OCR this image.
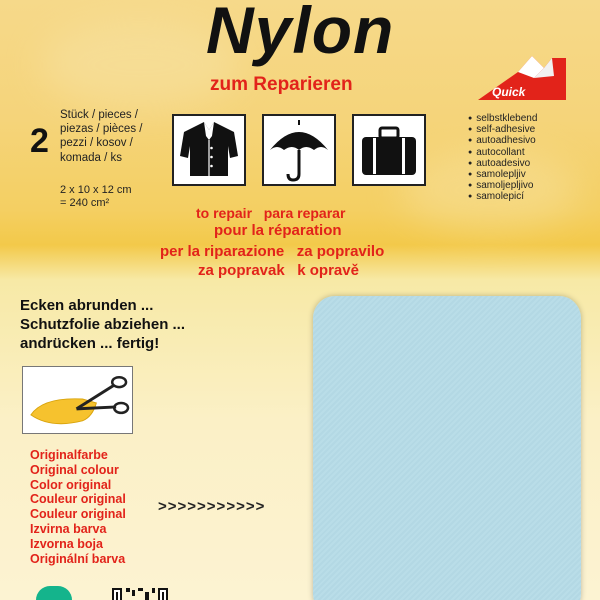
Nylon
zum Reparieren	Quick
2
Stück / pieces /
piezas / pièces /
pezzi / kosov /
komada / ks
2 x 10 x 12 cm
= 240 cm²
● selbstklebend
● self-adhesive
● autoadhesivo
● autocollant
● autoadesivo
● samolepljiv
● samoljepljivo
● samolepicí
to repair para reparar
pour la réparation
per la riparazione za popravilo
za popravak k opravě
Ecken abrunden ...
Schutzfolie abziehen ...
andrücken ... fertig!
Originalfarbe
Original colour
Color original
Couleur original
Couleur original
Izvirna barva
Izvorna boja
Originální barva
>>>>>>>>>>>
